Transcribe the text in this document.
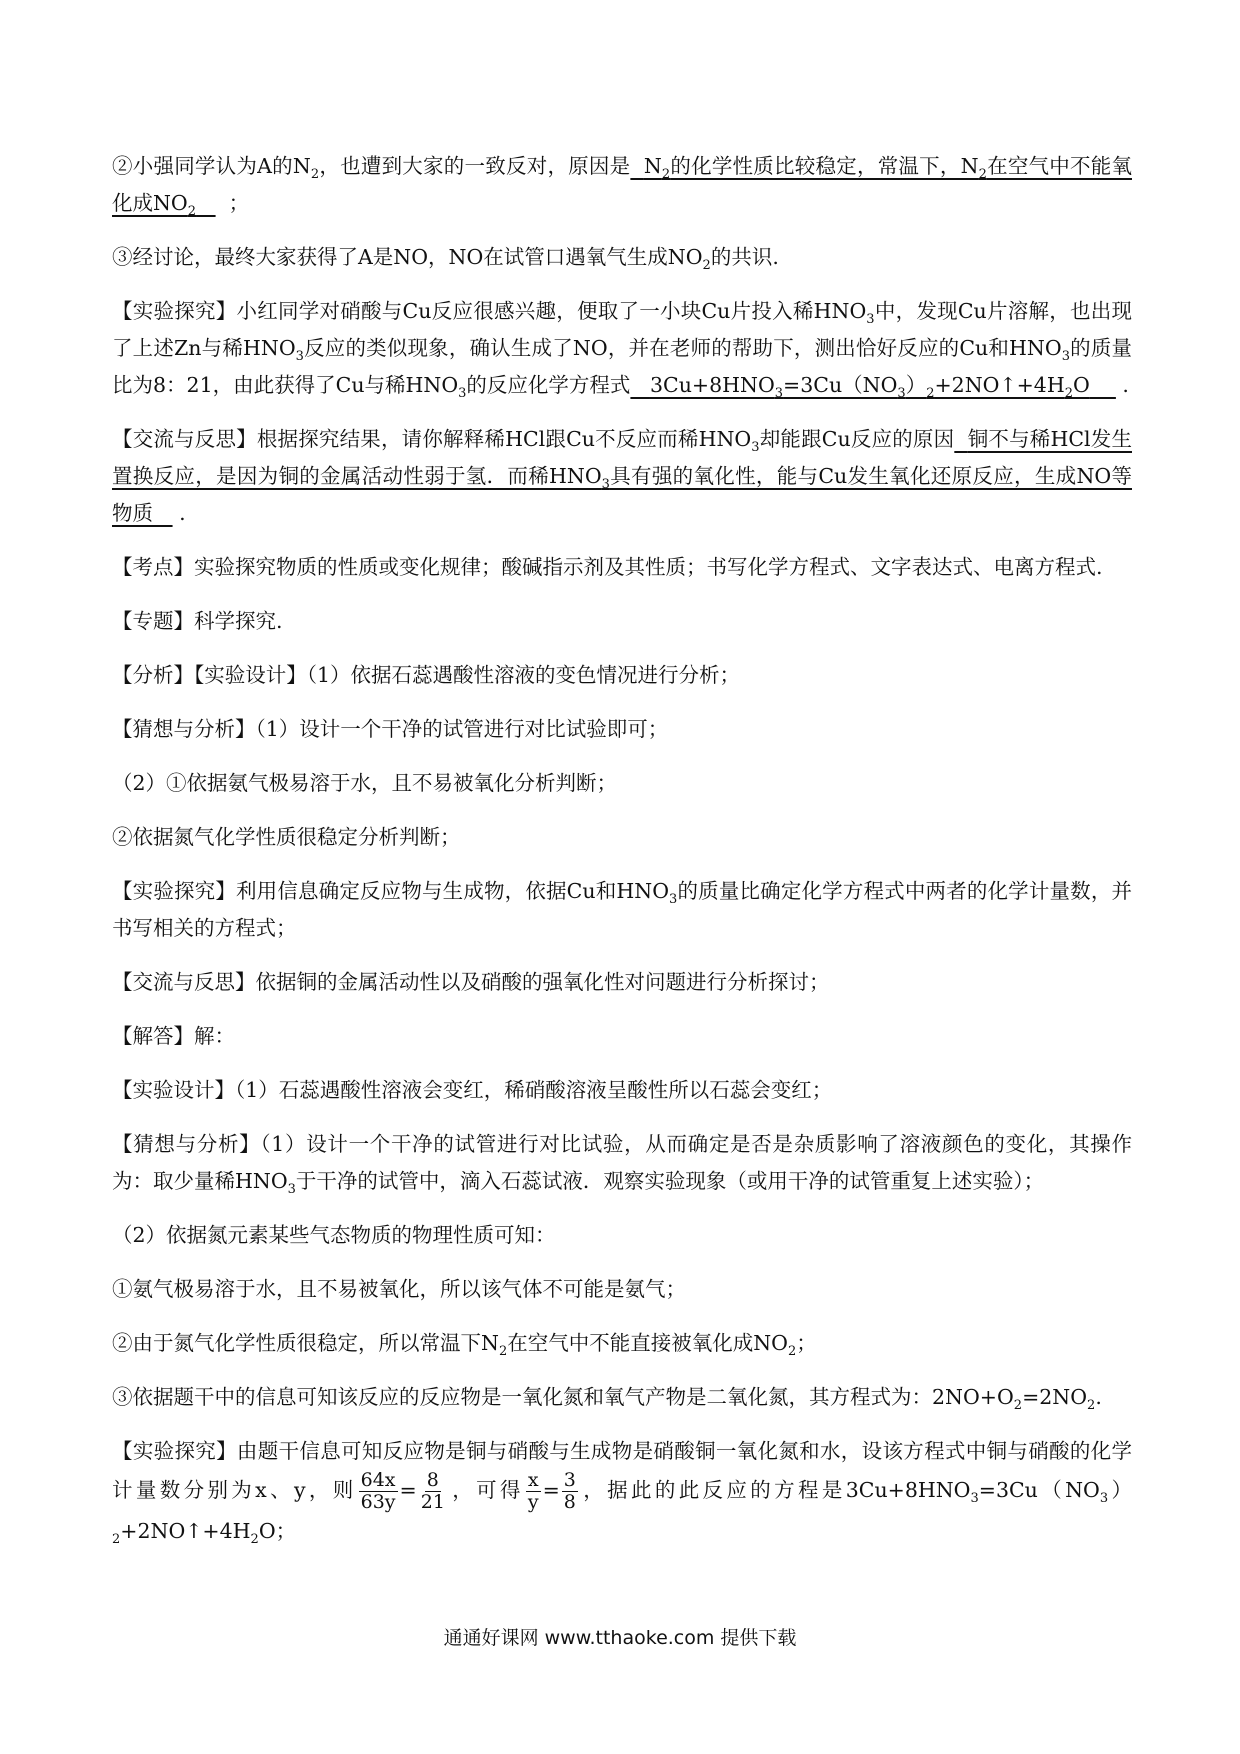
②小强同学认为A的$N_2$，也遭到大家的一致反对，原因是 $N_2$的化学性质比较稳定，常温下，$N_2$在空气中不能氧化成$NO_2$ ；

③经讨论，最终大家获得了A是NO，NO在试管口遇氧气生成$NO_2$的共识.

【实验探究】小红同学对硝酸与Cu反应很感兴趣，便取了一小块Cu片投入稀$HNO_3$中，发现Cu片溶解，也出现了上述Zn与稀$HNO_3$反应的类似现象，确认生成了NO，并在老师的帮助下，测出恰好反应的Cu和$HNO_3$的质量比为8：21，由此获得了Cu与稀$HNO_3$的反应化学方程式 $3Cu+8HNO_3=3Cu(NO_3)_2+2NO↑+4H_2O$ .

【交流与反思】根据探究结果，请你解释稀HCl跟Cu不反应而稀$HNO_3$却能跟Cu反应的原因 铜不与稀HCl发生置换反应，是因为铜的金属活动性弱于氢．而稀$HNO_3$具有强的氧化性，能与Cu发生氧化还原反应，生成NO等物质 .

【考点】实验探究物质的性质或变化规律；酸碱指示剂及其性质；书写化学方程式、文字表达式、电离方程式.

【专题】科学探究.

【分析】【实验设计】（1）依据石蕊遇酸性溶液的变色情况进行分析；

【猜想与分析】（1）设计一个干净的试管进行对比试验即可；

（2）①依据氨气极易溶于水，且不易被氧化分析判断；

②依据氮气化学性质很稳定分析判断；

【实验探究】利用信息确定反应物与生成物，依据Cu和$HNO_3$的质量比确定化学方程式中两者的化学计量数，并书写相关的方程式；

【交流与反思】依据铜的金属活动性以及硝酸的强氧化性对问题进行分析探讨；

【解答】解：

【实验设计】（1）石蕊遇酸性溶液会变红，稀硝酸溶液呈酸性所以石蕊会变红；

【猜想与分析】（1）设计一个干净的试管进行对比试验，从而确定是否是杂质影响了溶液颜色的变化，其操作为：取少量稀$HNO_3$于干净的试管中，滴入石蕊试液．观察实验现象（或用干净的试管重复上述实验）；

（2）依据氮元素某些气态物质的物理性质可知：

①氨气极易溶于水，且不易被氧化，所以该气体不可能是氨气；

②由于氮气化学性质很稳定，所以常温下$N_2$在空气中不能直接被氧化成$NO_2$；

③依据题干中的信息可知该反应的反应物是一氧化氮和氧气产物是二氧化氮，其方程式为：$2NO+O_2=2NO_2$.

【实验探究】由题干信息可知反应物是铜与硝酸与生成物是硝酸铜一氧化氮和水，设该方程式中铜与硝酸的化学计量数分别为x、y，则 $\frac{64x}{63y} = \frac{8}{21}$ ，可得 $\frac{x}{y} = \frac{3}{8}$ ，据此的此反应的方程是$3Cu+8HNO_3=3Cu(NO_3)_2+2NO↑+4H_2O$；

通通好课网 www.tthaoke.com 提供下载
